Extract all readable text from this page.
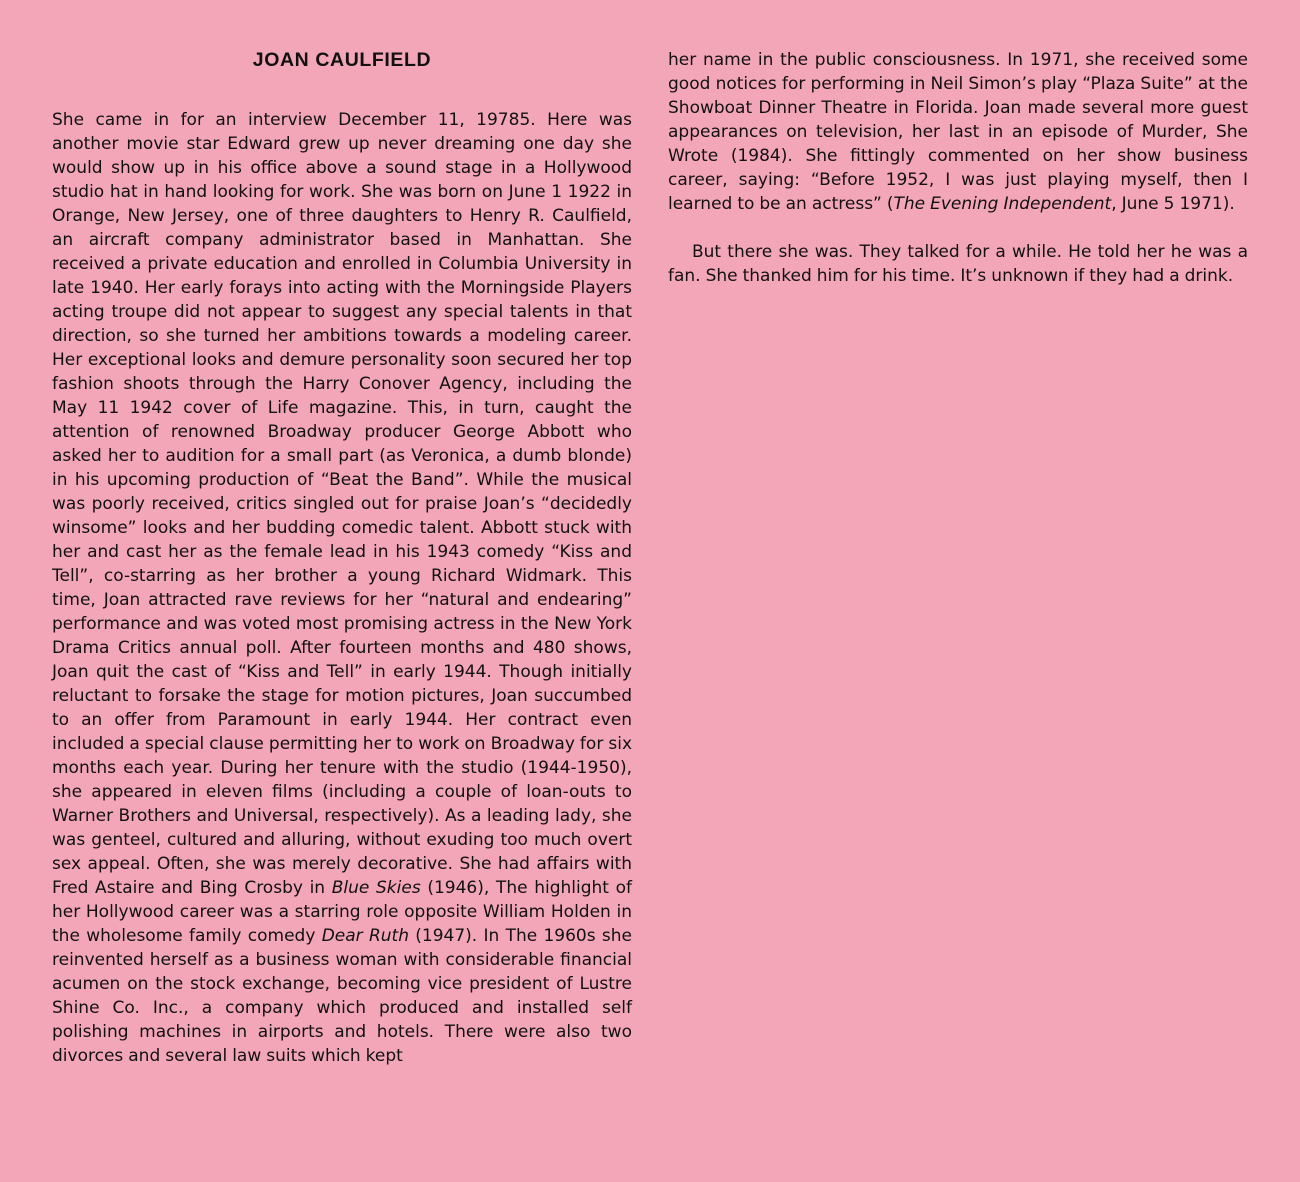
JOAN CAULFIELD

She came in for an interview December 11, 19785. Here was another movie star Edward grew up never dreaming one day she would show up in his office above a sound stage in a Hollywood studio hat in hand looking for work. She was born on June 1 1922 in Orange, New Jersey, one of three daughters to Henry R. Caulfield, an aircraft company administrator based in Manhattan. She received a private education and enrolled in Columbia University in late 1940. Her early forays into acting with the Morningside Players acting troupe did not appear to suggest any special talents in that direction, so she turned her ambitions towards a modeling career. Her exceptional looks and demure personality soon secured her top fashion shoots through the Harry Conover Agency, including the May 11 1942 cover of Life magazine. This, in turn, caught the attention of renowned Broadway producer George Abbott who asked her to audition for a small part (as Veronica, a dumb blonde) in his upcoming production of “Beat the Band”. While the musical was poorly received, critics singled out for praise Joan’s “decidedly winsome” looks and her budding comedic talent. Abbott stuck with her and cast her as the female lead in his 1943 comedy “Kiss and Tell”, co-starring as her brother a young Richard Widmark. This time, Joan attracted rave reviews for her “natural and endearing” performance and was voted most promising actress in the New York Drama Critics annual poll. After fourteen months and 480 shows, Joan quit the cast of “Kiss and Tell” in early 1944. Though initially reluctant to forsake the stage for motion pictures, Joan succumbed to an offer from Paramount in early 1944. Her contract even included a special clause permitting her to work on Broadway for six months each year. During her tenure with the studio (1944-1950), she appeared in eleven films (including a couple of loan-outs to Warner Brothers and Universal, respectively). As a leading lady, she was genteel, cultured and alluring, without exuding too much overt sex appeal. Often, she was merely decorative. She had affairs with Fred Astaire and Bing Crosby in Blue Skies (1946), The highlight of her Hollywood career was a starring role opposite William Holden in the wholesome family comedy Dear Ruth (1947). In The 1960s she reinvented herself as a business woman with considerable financial acumen on the stock exchange, becoming vice president of Lustre Shine Co. Inc., a company which produced and installed self polishing machines in airports and hotels. There were also two divorces and several law suits which kept

her name in the public consciousness. In 1971, she received some good notices for performing in Neil Simon’s play “Plaza Suite” at the Showboat Dinner Theatre in Florida. Joan made several more guest appearances on television, her last in an episode of Murder, She Wrote (1984). She fittingly commented on her show business career, saying: “Before 1952, I was just playing myself, then I learned to be an actress” (The Evening Independent, June 5 1971).

But there she was. They talked for a while. He told her he was a fan. She thanked him for his time. It’s unknown if they had a drink.
